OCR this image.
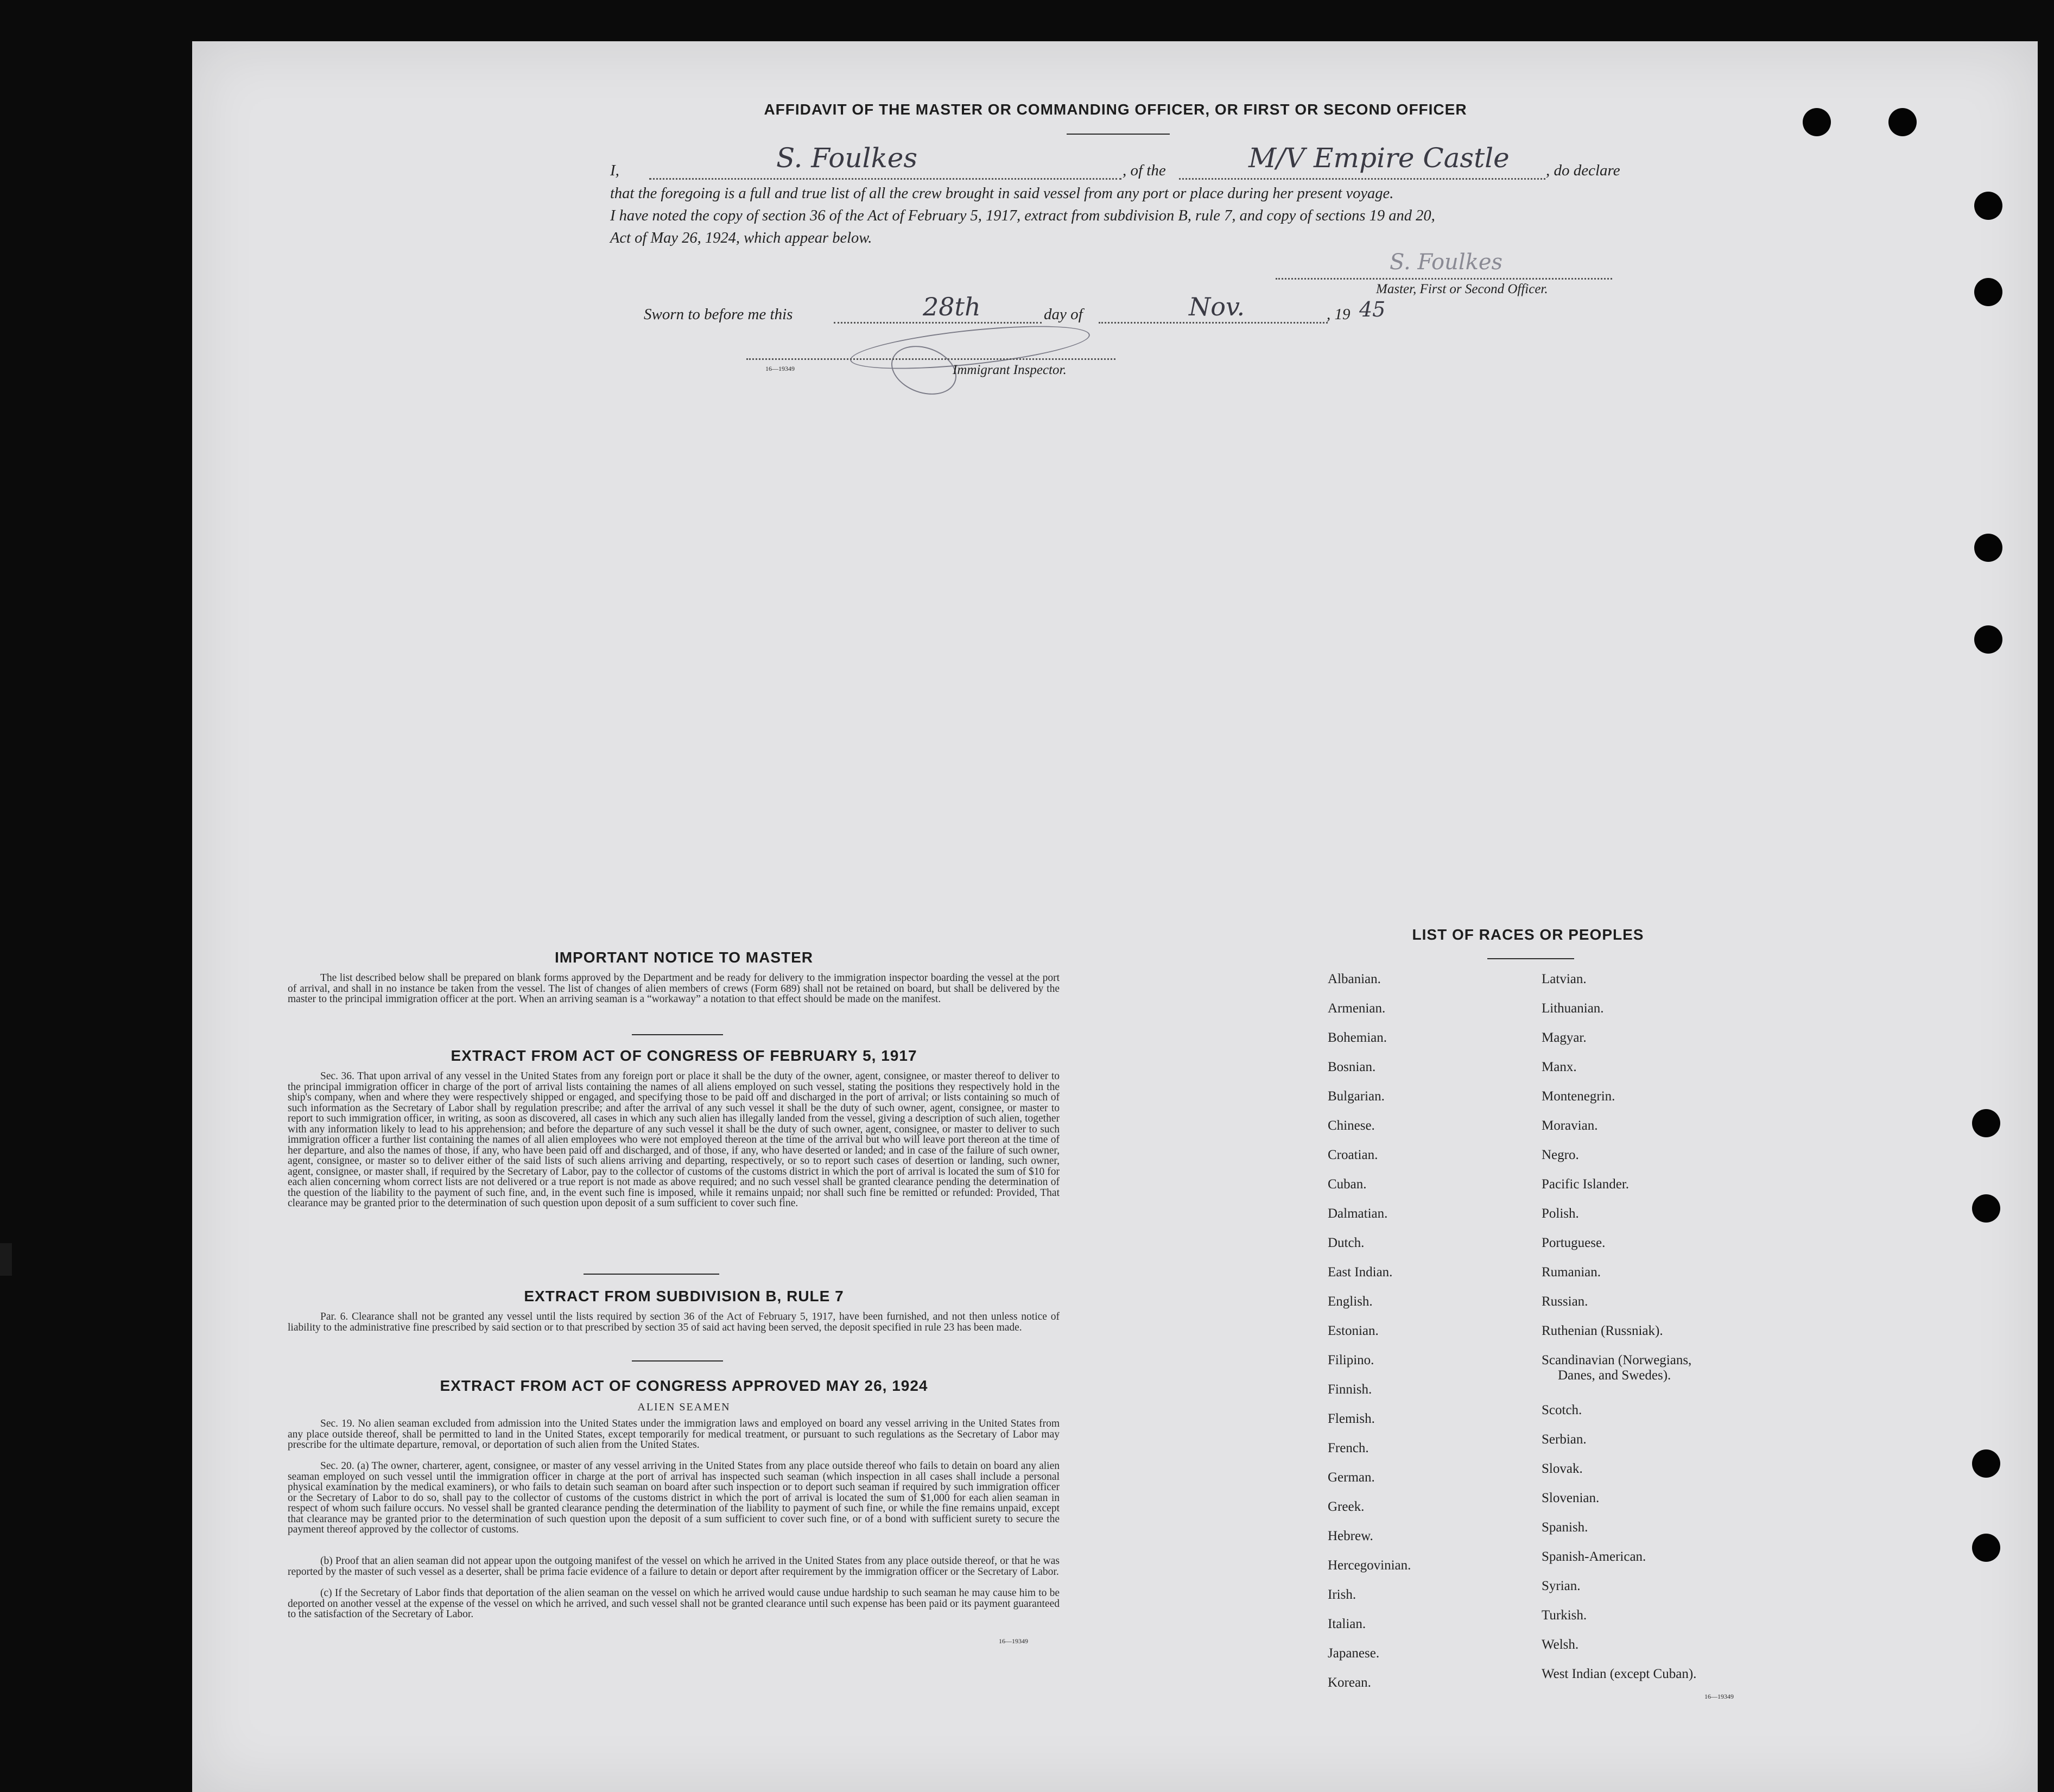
AFFIDAVIT OF THE MASTER OR COMMANDING OFFICER, OR FIRST OR SECOND OFFICER
I,	S. Foulkes	, of the	M/V Empire Castle , do declare
that the foregoing is a full and true list of all the crew brought in said vessel from any port or place during her present voyage.
I have noted the copy of section 36 of the Act of February 5, 1917, extract from subdivision B, rule 7, and copy of sections 19 and 20,
Act of May 26, 1924, which appear below.
S. Foulkes
Master, First or Second Officer.
Sworn to before me this	28th	day of	Nov.	, 19 45
16—19349	Immigrant Inspector.
IMPORTANT NOTICE TO MASTER
The list described below shall be prepared on blank forms approved by the Department and be ready for delivery to the immigration inspector boarding the vessel at the port of arrival, and shall in no instance be taken from the vessel. The list of changes of alien members of crews (Form 689) shall not be retained on board, but shall be delivered by the master to the principal immigration officer at the port. When an arriving seaman is a “workaway” a notation to that effect should be made on the manifest.
EXTRACT FROM ACT OF CONGRESS OF FEBRUARY 5, 1917
Sec. 36. That upon arrival of any vessel in the United States from any foreign port or place it shall be the duty of the owner, agent, consignee, or master thereof to deliver to the principal immigration officer in charge of the port of arrival lists containing the names of all aliens employed on such vessel, stating the positions they respectively hold in the ship's company, when and where they were respectively shipped or engaged, and specifying those to be paid off and discharged in the port of arrival; or lists containing so much of such information as the Secretary of Labor shall by regulation prescribe; and after the arrival of any such vessel it shall be the duty of such owner, agent, consignee, or master to report to such immigration officer, in writing, as soon as discovered, all cases in which any such alien has illegally landed from the vessel, giving a description of such alien, together with any information likely to lead to his apprehension; and before the departure of any such vessel it shall be the duty of such owner, agent, consignee, or master to deliver to such immigration officer a further list containing the names of all alien employees who were not employed thereon at the time of the arrival but who will leave port thereon at the time of her departure, and also the names of those, if any, who have been paid off and discharged, and of those, if any, who have deserted or landed; and in case of the failure of such owner, agent, consignee, or master so to deliver either of the said lists of such aliens arriving and departing, respectively, or so to report such cases of desertion or landing, such owner, agent, consignee, or master shall, if required by the Secretary of Labor, pay to the collector of customs of the customs district in which the port of arrival is located the sum of $10 for each alien concerning whom correct lists are not delivered or a true report is not made as above required; and no such vessel shall be granted clearance pending the determination of the question of the liability to the payment of such fine, and, in the event such fine is imposed, while it remains unpaid; nor shall such fine be remitted or refunded: Provided, That clearance may be granted prior to the determination of such question upon deposit of a sum sufficient to cover such fine.
EXTRACT FROM SUBDIVISION B, RULE 7
Par. 6. Clearance shall not be granted any vessel until the lists required by section 36 of the Act of February 5, 1917, have been furnished, and not then unless notice of liability to the administrative fine prescribed by said section or to that prescribed by section 35 of said act having been served, the deposit specified in rule 23 has been made.
EXTRACT FROM ACT OF CONGRESS APPROVED MAY 26, 1924
ALIEN SEAMEN
Sec. 19. No alien seaman excluded from admission into the United States under the immigration laws and employed on board any vessel arriving in the United States from any place outside thereof, shall be permitted to land in the United States, except temporarily for medical treatment, or pursuant to such regulations as the Secretary of Labor may prescribe for the ultimate departure, removal, or deportation of such alien from the United States.
Sec. 20. (a) The owner, charterer, agent, consignee, or master of any vessel arriving in the United States from any place outside thereof who fails to detain on board any alien seaman employed on such vessel until the immigration officer in charge at the port of arrival has inspected such seaman (which inspection in all cases shall include a personal physical examination by the medical examiners), or who fails to detain such seaman on board after such inspection or to deport such seaman if required by such immigration officer or the Secretary of Labor to do so, shall pay to the collector of customs of the customs district in which the port of arrival is located the sum of $1,000 for each alien seaman in respect of whom such failure occurs. No vessel shall be granted clearance pending the determination of the liability to payment of such fine, or while the fine remains unpaid, except that clearance may be granted prior to the determination of such question upon the deposit of a sum sufficient to cover such fine, or of a bond with sufficient surety to secure the payment thereof approved by the collector of customs.
(b) Proof that an alien seaman did not appear upon the outgoing manifest of the vessel on which he arrived in the United States from any place outside thereof, or that he was reported by the master of such vessel as a deserter, shall be prima facie evidence of a failure to detain or deport after requirement by the immigration officer or the Secretary of Labor.
(c) If the Secretary of Labor finds that deportation of the alien seaman on the vessel on which he arrived would cause undue hardship to such seaman he may cause him to be deported on another vessel at the expense of the vessel on which he arrived, and such vessel shall not be granted clearance until such expense has been paid or its payment guaranteed to the satisfaction of the Secretary of Labor.
16—19349
LIST OF RACES OR PEOPLES
Albanian.
Armenian.
Bohemian.
Bosnian.
Bulgarian.
Chinese.
Croatian.
Cuban.
Dalmatian.
Dutch.
East Indian.
English.
Estonian.
Filipino.
Finnish.
Flemish.
French.
German.
Greek.
Hebrew.
Hercegovinian.
Irish.
Italian.
Japanese.
Korean.
Latvian.
Lithuanian.
Magyar.
Manx.
Montenegrin.
Moravian.
Negro.
Pacific Islander.
Polish.
Portuguese.
Rumanian.
Russian.
Ruthenian (Russniak).
Scandinavian (Norwegians,
Danes, and Swedes).
Scotch.
Serbian.
Slovak.
Slovenian.
Spanish.
Spanish-American.
Syrian.
Turkish.
Welsh.
West Indian (except Cuban).
16—19349
